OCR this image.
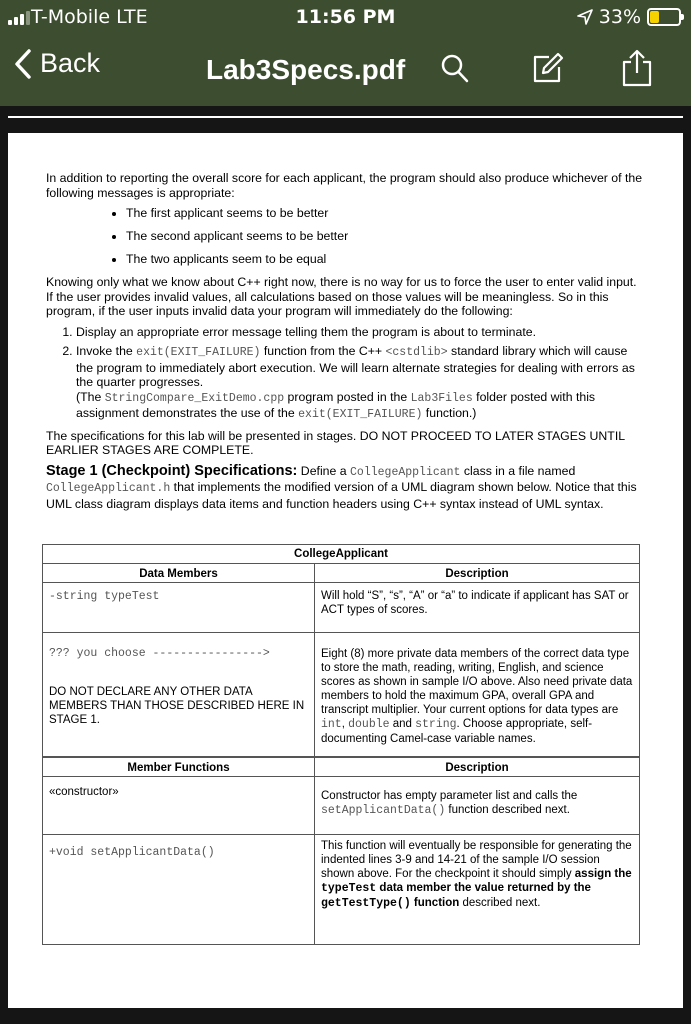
T-Mobile LTE	11:56 PM	33%
Back	Lab3Specs.pdf

In addition to reporting the overall score for each applicant, the program should also produce whichever of the following messages is appropriate:

• The first applicant seems to be better
• The second applicant seems to be better
• The two applicants seem to be equal

Knowing only what we know about C++ right now, there is no way for us to force the user to enter valid input. If the user provides invalid values, all calculations based on those values will be meaningless. So in this program, if the user inputs invalid data your program will immediately do the following:

1. Display an appropriate error message telling them the program is about to terminate.
2. Invoke the exit(EXIT_FAILURE) function from the C++ <cstdlib> standard library which will cause the program to immediately abort execution. We will learn alternate strategies for dealing with errors as the quarter progresses.
(The StringCompare_ExitDemo.cpp program posted in the Lab3Files folder posted with this assignment demonstrates the use of the exit(EXIT_FAILURE) function.)

The specifications for this lab will be presented in stages. DO NOT PROCEED TO LATER STAGES UNTIL EARLIER STAGES ARE COMPLETE.

Stage 1 (Checkpoint) Specifications: Define a CollegeApplicant class in a file named CollegeApplicant.h that implements the modified version of a UML diagram shown below. Notice that this UML class diagram displays data items and function headers using C++ syntax instead of UML syntax.

CollegeApplicant	
Data Members	Description
-string typeTest	Will hold “S”, “s”, “A” or “a” to indicate if applicant has SAT or ACT types of scores.

??? you choose ---------------->
DO NOT DECLARE ANY OTHER DATA MEMBERS THAN THOSE DESCRIBED HERE IN STAGE 1.	Eight (8) more private data members of the correct data type to store the math, reading, writing, English, and science scores as shown in sample I/O above. Also need private data members to hold the maximum GPA, overall GPA and transcript multiplier. Your current options for data types are int, double and string. Choose appropriate, self-documenting Camel-case variable names.
Member Functions	Description
«constructor»	Constructor has empty parameter list and calls the setApplicantData() function described next.
+void setApplicantData()	This function will eventually be responsible for generating the indented lines 3-9 and 14-21 of the sample I/O session shown above. For the checkpoint it should simply assign the typeTest data member the value returned by the getTestType() function described next.
